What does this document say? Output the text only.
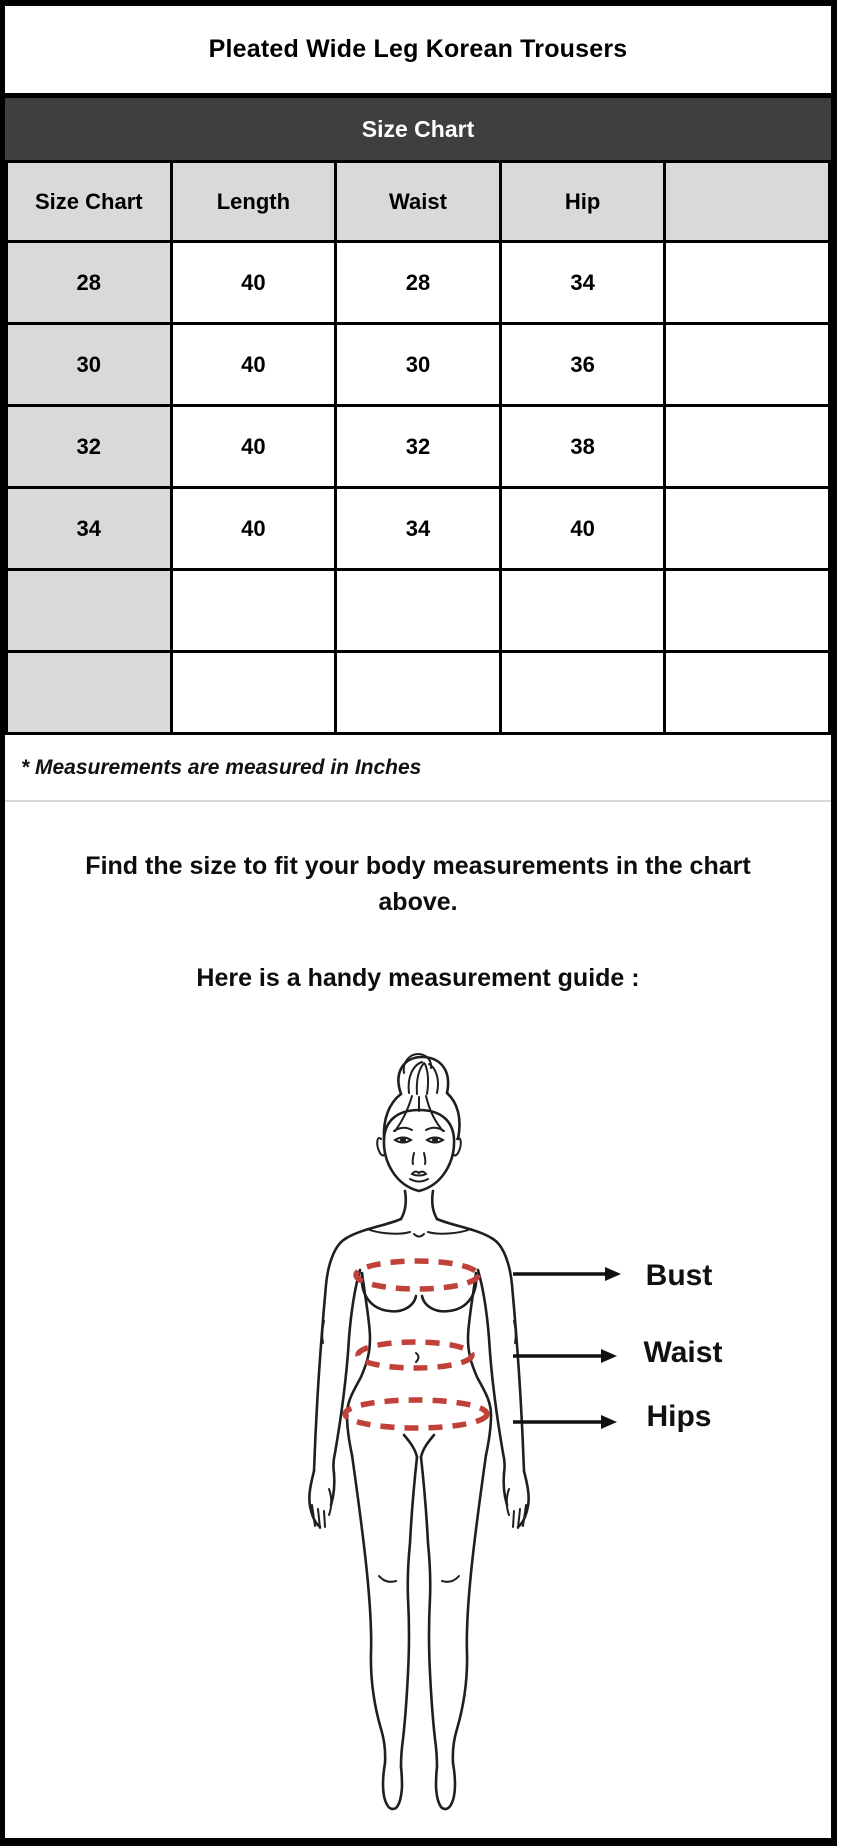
Pleated Wide Leg Korean Trousers
Size Chart
Size Chart	Length	Waist	Hip	
28	40	28	34	
30	40	30	36	
32	40	32	38	
34	40	34	40	

* Measurements are measured in Inches

Find the size to fit your body measurements in the chart above.

Here is a handy measurement guide :

Bust
Waist
Hips
